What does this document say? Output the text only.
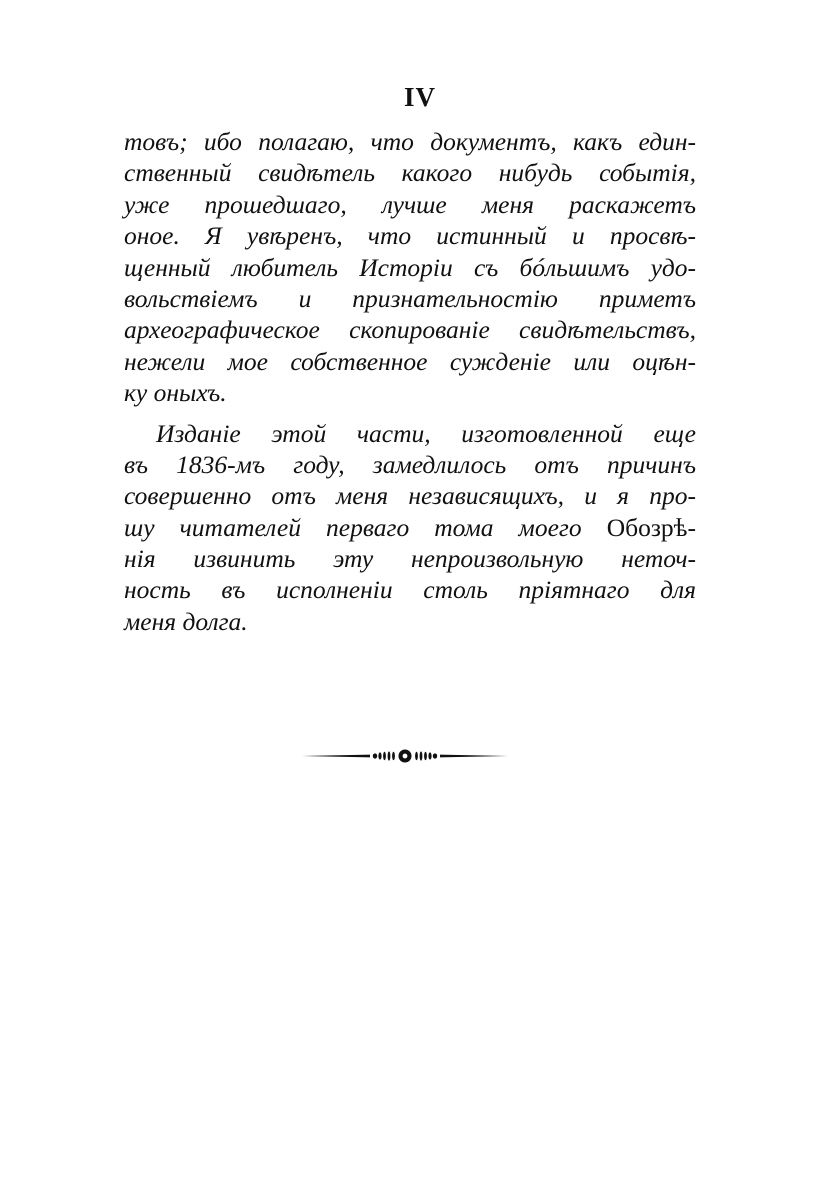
IV
товъ; ибо полагаю, что документъ, какъ един-
ственный свидѣтель какого нибудь событія,
уже прошедшаго, лучше меня раскажетъ
оное. Я увѣренъ, что истинный и просвѣ-
щенный любитель Исторіи съ бóльшимъ удо-
вольствіемъ и признательностію приметъ
археографическое скопированіе свидѣтельствъ,
нежели мое собственное сужденіе или оцѣн-
ку оныхъ.
Изданіе этой части, изготовленной еще
въ 1836-мъ году, замедлилось отъ причинъ
совершенно отъ меня независящихъ, и я про-
шу читателей перваго тома моего Обозрѣ-
нія извинить эту непроизвольную неточ-
ность въ исполненіи столь пріятнаго для
меня долга.
